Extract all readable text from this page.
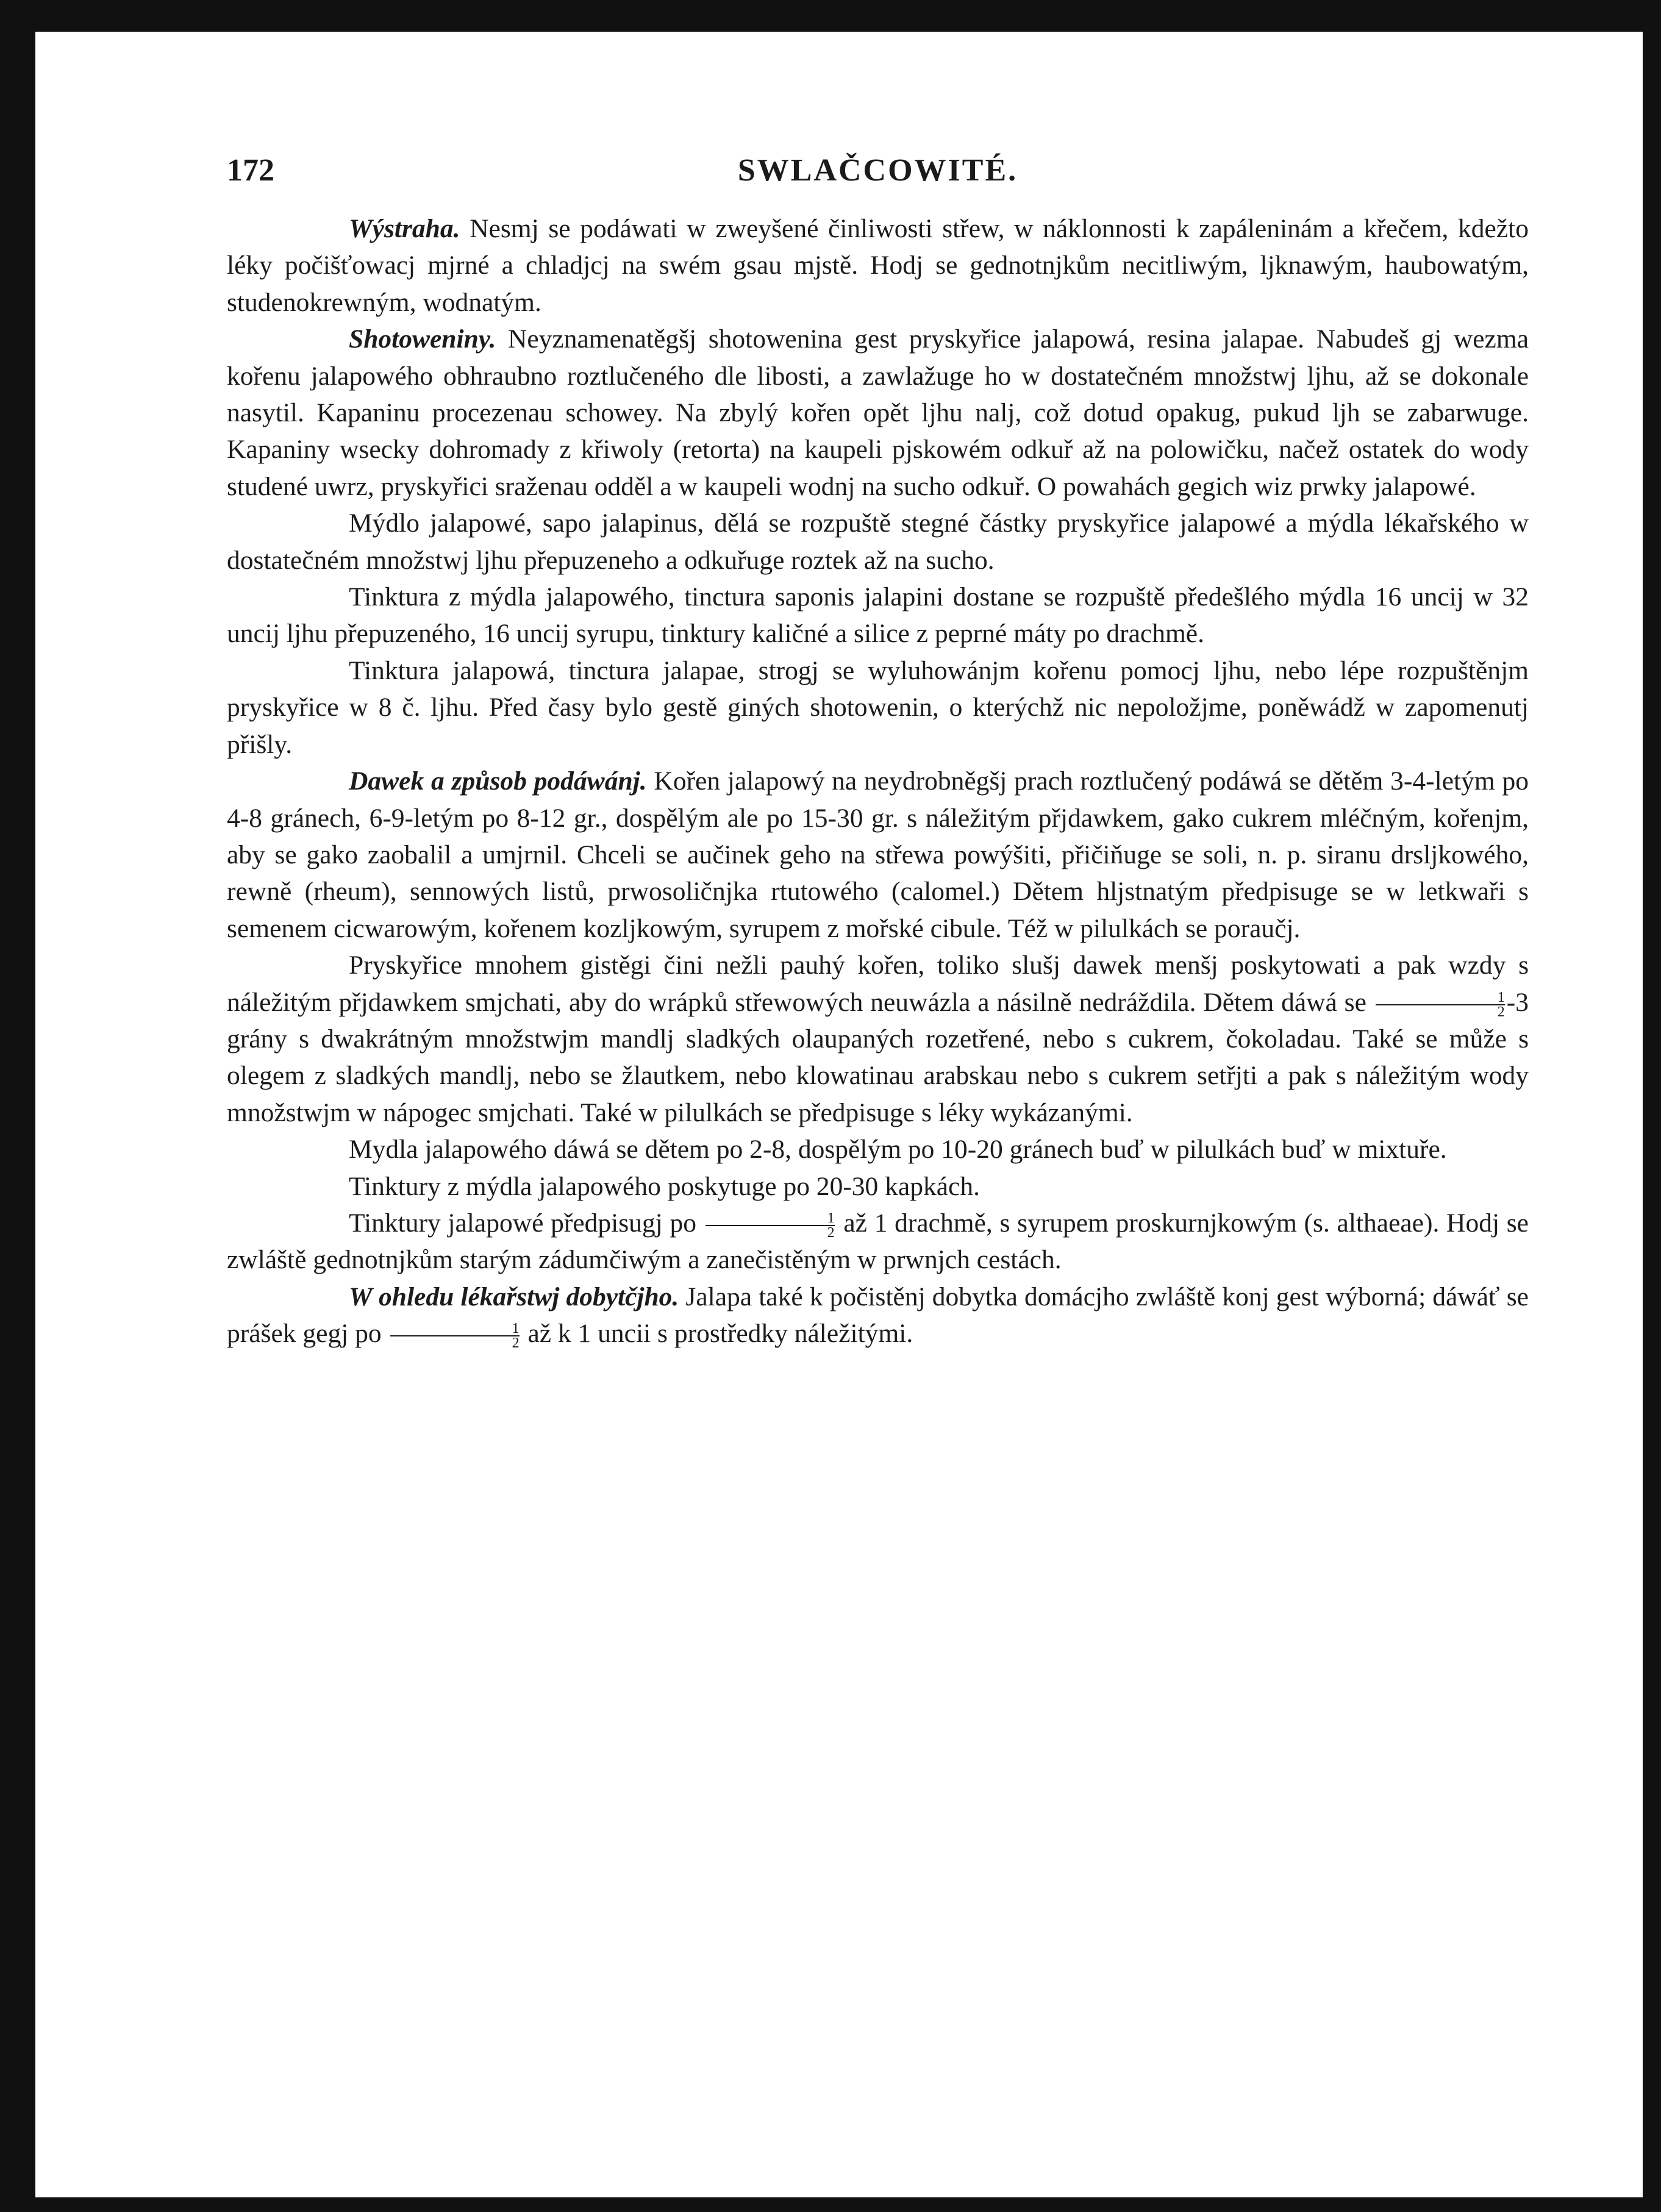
172	SWLAČCOWITÉ.

Wýstraha. Nesmj se podáwati w zweyšené činliwosti střew, w náklonnosti k zapáleninám a křečem, kdežto léky počišťowacj mjrné a chladjcj na swém gsau mjstě. Hodj se gednotnjkům necitliwým, ljknawým, haubowatým, studenokrewným, wodnatým.

Shotoweniny. Neyznamenatěgšj shotowenina gest pryskyřice jalapowá, resina jalapae. Nabudeš gj wezma kořenu jalapowého obhraubno roztlučeného dle libosti, a zawlažuge ho w dostatečném množstwj ljhu, až se dokonale nasytil. Kapaninu procezenau schowey. Na zbylý kořen opět ljhu nalj, což dotud opakug, pukud ljh se zabarwuge. Kapaniny wsecky dohromady z křiwoly (retorta) na kaupeli pjskowém odkuř až na polowičku, načež ostatek do wody studené uwrz, pryskyřici sraženau odděl a w kaupeli wodnj na sucho odkuř. O powahách gegich wiz prwky jalapowé.

Mýdlo jalapowé, sapo jalapinus, dělá se rozpuště stegné částky pryskyřice jalapowé a mýdla lékařského w dostatečném množstwj ljhu přepuzeneho a odkuřuge roztek až na sucho.

Tinktura z mýdla jalapowého, tinctura saponis jalapini dostane se rozpuště předešlého mýdla 16 uncij w 32 uncij ljhu přepuzeného, 16 uncij syrupu, tinktury kaličné a silice z peprné máty po drachmě.

Tinktura jalapowá, tinctura jalapae, strogj se wyluhowánjm kořenu pomocj ljhu, nebo lépe rozpuštěnjm pryskyřice w 8 č. ljhu. Před časy bylo gestě giných shotowenin, o kterýchž nic nepoložjme, poněwádž w zapomenutj přišly.

Dawek a způsob podáwánj. Kořen jalapowý na neydrobněgšj prach roztlučený podáwá se dětěm 3-4-letým po 4-8 gránech, 6-9-letým po 8-12 gr., dospělým ale po 15-30 gr. s náležitým přjdawkem, gako cukrem mléčným, kořenjm, aby se gako zaobalil a umjrnil. Chceli se aučinek geho na střewa powýšiti, přičiňuge se soli, n. p. siranu drsljkowého, rewně (rheum), sennowých listů, prwosoličnjka rtutowého (calomel.) Dětem hljstnatým předpisuge se w letkwaři s semenem cicwarowým, kořenem kozljkowým, syrupem z mořské cibule. Též w pilulkách se poraučj.

Pryskyřice mnohem gistěgi čini nežli pauhý kořen, toliko slušj dawek menšj poskytowati a pak wzdy s náležitým přjdawkem smjchati, aby do wrápků střewowých neuwázla a násilně nedráždila. Dětem dáwá se $\frac{1}{2} -3$ grány s dwakrátným množstwjm mandlj sladkých olaupaných rozetřené, nebo s cukrem, čokoladau. Také se může s olegem z sladkých mandlj, nebo se žlautkem, nebo klowatinau arabskau nebo s cukrem setřjti a pak s náležitým wody množstwjm w nápogec smjchati. Také w pilulkách se předpisuge s léky wykázanými.

Mydla jalapowého dáwá se dětem po 2-8, dospělým po 10-20 gránech buď w pilulkách buď w mixtuře.

Tinktury z mýdla jalapowého poskytuge po 20-30 kapkách.

Tinktury jalapowé předpisugj po $\frac{1}{2}$ až 1 drachmě, s syrupem proskurnjkowým (s. althaeae). Hodj se zwláště gednotnjkům starým zádumčiwým a zanečistěným w prwnjch cestách.

W ohledu lékařstwj dobytčjho. Jalapa také k počistěnj dobytka domácjho zwláště konj gest wýborná; dáwáť se prášek gegj po $\frac{1}{2}$ až k 1 uncii s prostředky náležitými.
